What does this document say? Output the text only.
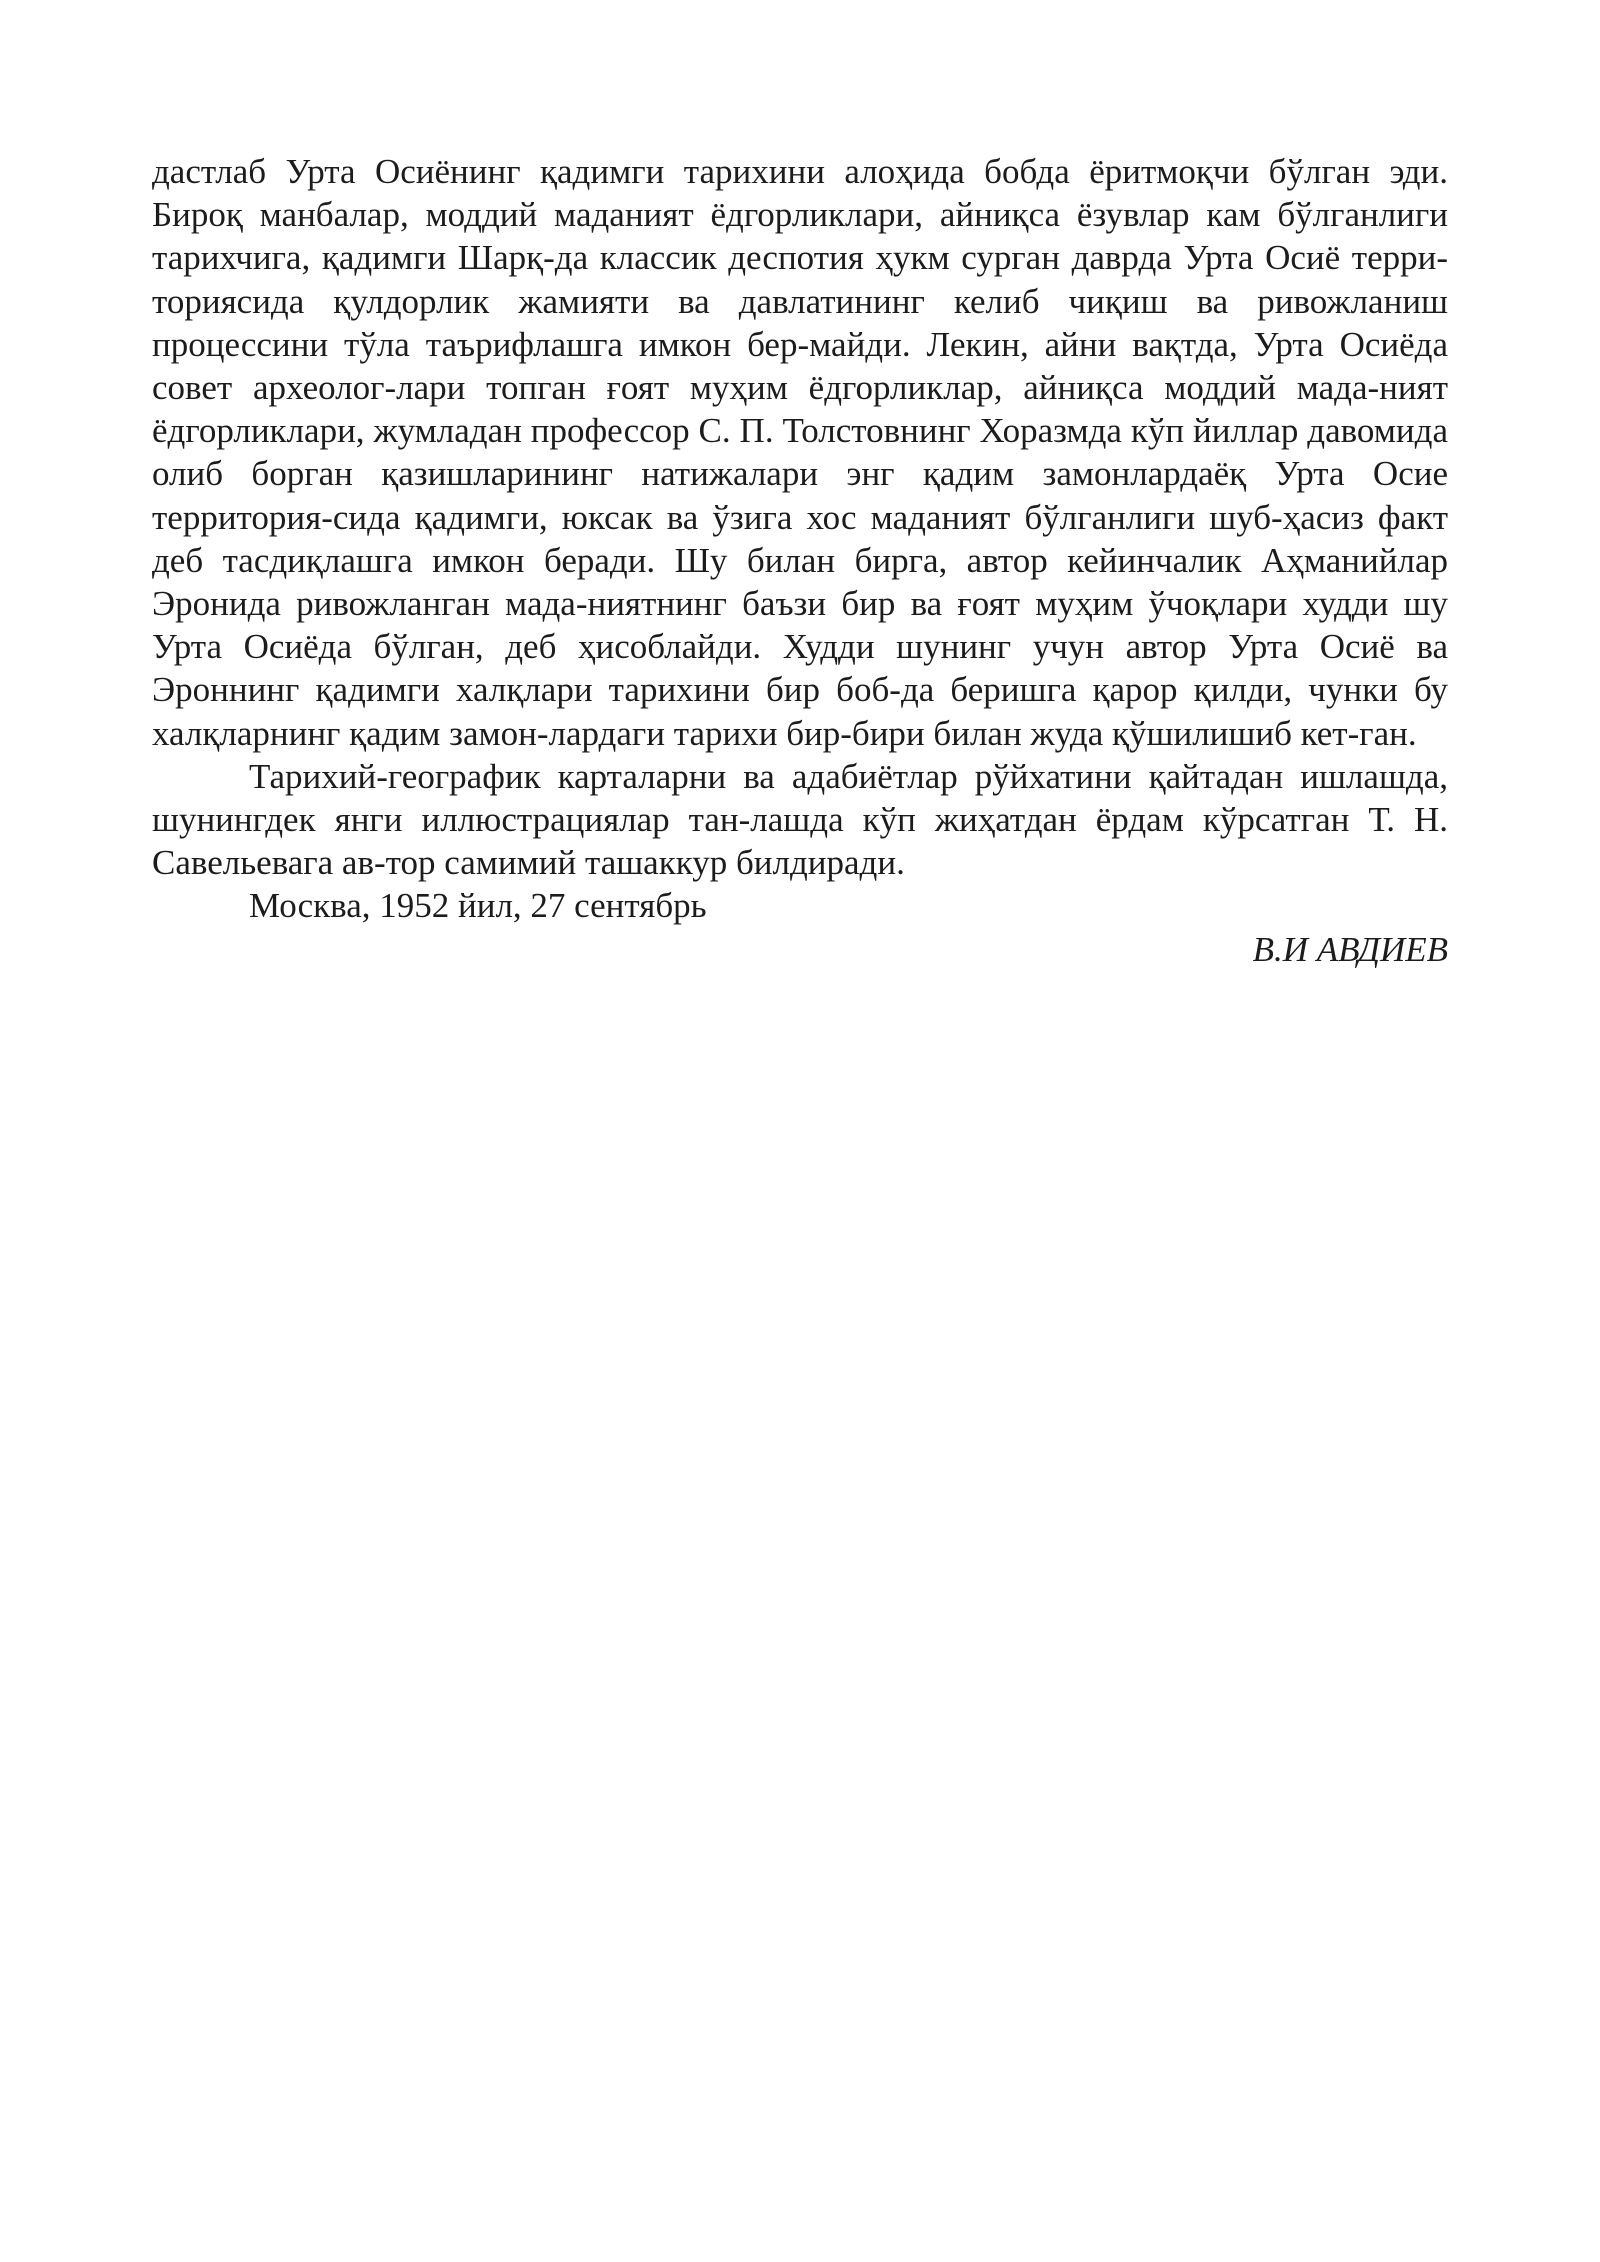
дастлаб Урта Осиёнинг қадимги тарихини алоҳида бобда ёритмоқчи бўлган эди. Бироқ манбалар, моддий маданият ёдгорликлари, айниқса ёзувлар кам бўлганлиги тарихчига, қадимги Шарқ-да классик деспотия ҳукм сурган даврда Урта Осиё терри-ториясида қулдорлик жамияти ва давлатининг келиб чиқиш ва ривожланиш процессини тўла таърифлашга имкон бер-майди. Лекин, айни вақтда, Урта Осиёда совет археолог-лари топган ғоят муҳим ёдгорликлар, айниқса моддий мада-ният ёдгорликлари, жумладан профессор С. П. Толстовнинг Хоразмда кўп йиллар давомида олиб борган қазишларининг натижалари энг қадим замонлардаёқ Урта Осие территория-сида қадимги, юксак ва ўзига хос маданият бўлганлиги шуб-ҳасиз факт деб тасдиқлашга имкон беради. Шу билан бирга, автор кейинчалик Аҳманийлар Эронида ривожланган мада-ниятнинг баъзи бир ва ғоят муҳим ўчоқлари худди шу Урта Осиёда бўлган, деб ҳисоблайди. Худди шунинг учун автор Урта Осиё ва Эроннинг қадимги халқлари тарихини бир боб-да беришга қарор қилди, чунки бу халқларнинг қадим замон-лардаги тарихи бир-бири билан жуда қўшилишиб кет-ган.

Тарихий-географик карталарни ва адабиётлар рўйхатини қайтадан ишлашда, шунингдек янги иллюстрациялар тан-лашда кўп жиҳатдан ёрдам кўрсатган Т. Н. Савельевага ав-тор самимий ташаккур билдиради.

Москва, 1952 йил, 27 сентябрь

В.И АВДИЕВ
